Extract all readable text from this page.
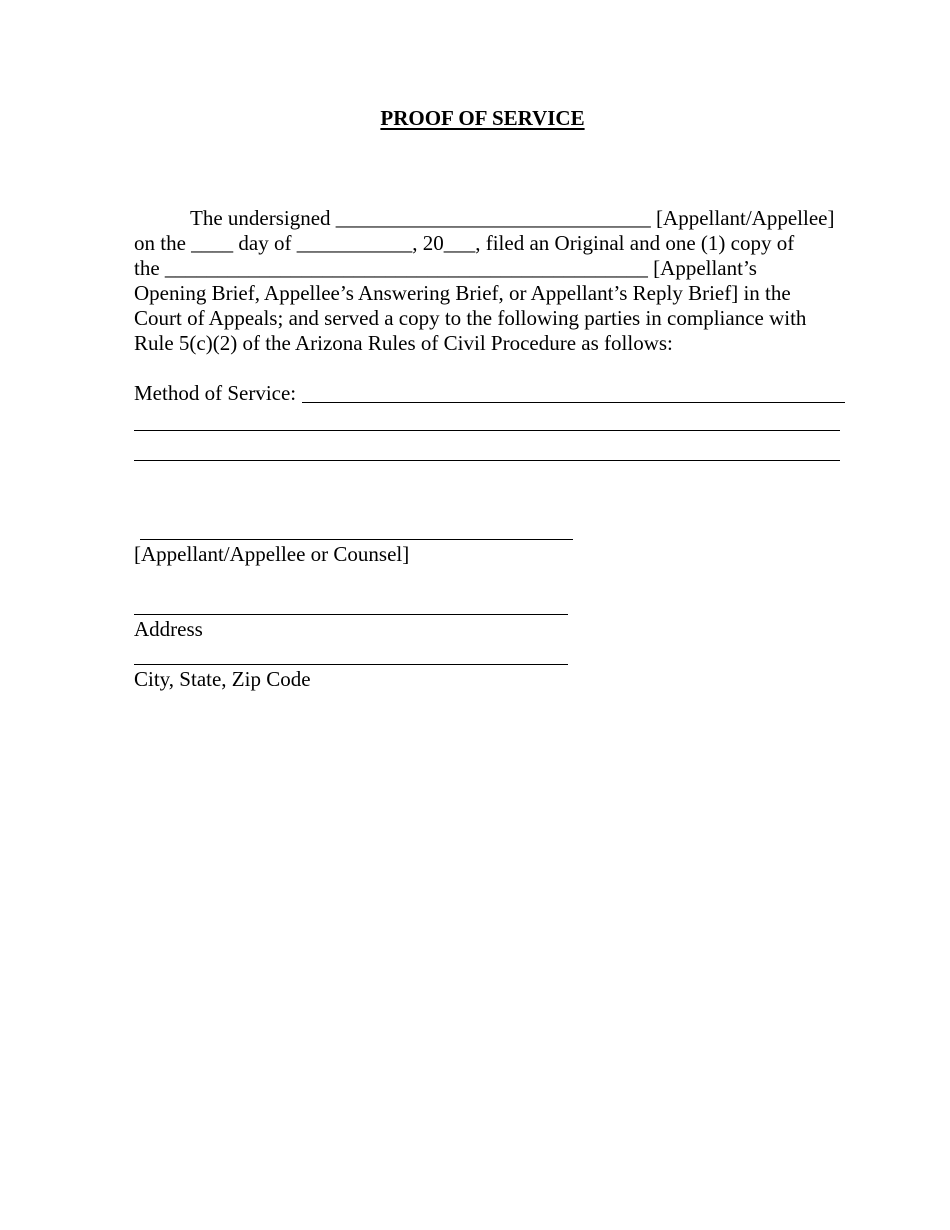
PROOF OF SERVICE
The undersigned ______________________________ [Appellant/Appellee]
on the ____ day of ___________, 20___, filed an Original and one (1) copy of
the ______________________________________________ [Appellant’s
Opening Brief, Appellee’s Answering Brief, or Appellant’s Reply Brief] in the
Court of Appeals; and served a copy to the following parties in compliance with
Rule 5(c)(2) of the Arizona Rules of Civil Procedure as follows:
Method of Service:
[Appellant/Appellee or Counsel]
Address
City, State, Zip Code
